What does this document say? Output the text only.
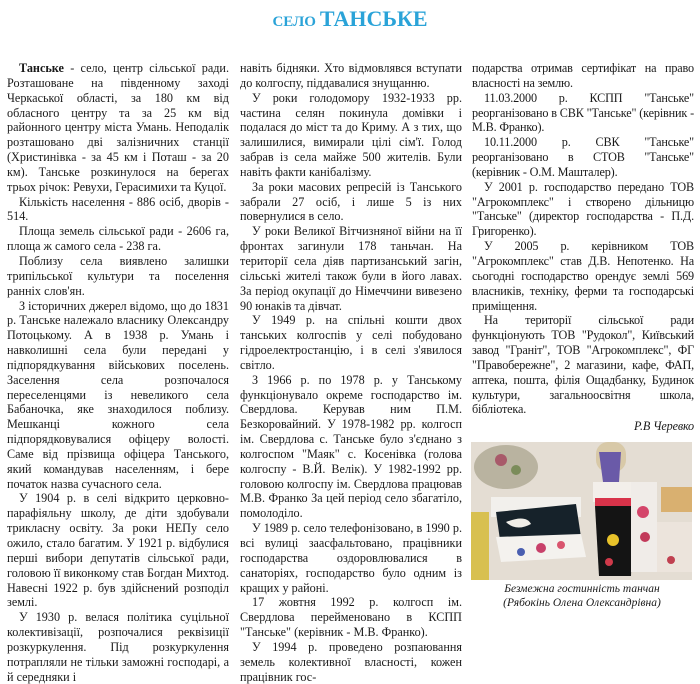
СЕЛО ТАНСЬКЕ

Танське - село, центр сільської ради. Розташоване на південному заході Черкаської області, за 180 км від обласного центру та за 25 км від районного центру міста Умань. Неподалік розташовано дві залізничних станції (Христинівка - за 45 км і Поташ - за 20 км). Танське розкинулося на берегах трьох річок: Ревухи, Герасимихи та Куцої.

Кількість населення - 886 осіб, дворів - 514.

Площа земель сільської ради - 2606 га, площа ж самого села - 238 га.

Поблизу села виявлено залишки трипільської культури та поселення ранніх слов'ян.

З історичних джерел відомо, що до 1831 р. Танське належало власнику Олександру Потоцькому. А в 1938 р. Умань і навколишні села були передані у підпорядкування військових поселень. Заселення села розпочалося переселенцями із невеликого села Бабаночка, яке знаходилося поблизу. Мешканці кожного села підпорядковувалися офіцеру волості. Саме від прізвища офіцера Танського, який командував населенням, і бере початок назва сучасного села.

У 1904 р. в селі відкрито церковно-парафіяльну школу, де діти здобували трикласну освіту. За роки НЕПу село ожило, стало багатим. У 1921 р. відбулися перші вибори депутатів сільської ради, головою її виконкому став Богдан Михтод. Навесні 1922 р. був здійснений розподіл землі.

У 1930 р. велася політика суцільної колективізації, розпочалися реквізиції розкуркулення. Під розкуркулення потрапляли не тільки заможні господарі, а й середняки і

навіть бідняки. Хто відмовлявся вступати до колгоспу, піддавалися знущанню.

У роки голодомору 1932-1933 рр. частина селян покинула домівки і подалася до міст та до Криму. А з тих, що залишилися, вимирали цілі сім'ї. Голод забрав із села майже 500 жителів. Були навіть факти канібалізму.

За роки масових репресій із Танського забрали 27 осіб, і лише 5 із них повернулися в село.

У роки Великої Вітчизняної війни на її фронтах загинули 178 таньчан. На території села діяв партизанський загін, сільські жителі також були в його лавах. За період окупації до Німеччини вивезено 90 юнаків та дівчат.

У 1949 р. на спільні кошти двох танських колгоспів у селі побудовано гідроелектростанцію, і в селі з'явилося світло.

З 1966 р. по 1978 р. у Танському функціонувало окреме господарство ім. Свердлова. Керував ним П.М. Безкоровайний. У 1978-1982 рр. колгосп ім. Свердлова с. Танське було з'єднано з колгоспом "Маяк" с. Косенівка (голова колгоспу - В.Й. Велік). У 1982-1992 рр. головою колгоспу ім. Свердлова працював М.В. Франко За цей період село збагатіло, помолоділо.

У 1989 р. село телефонізовано, в 1990 р. всі вулиці заасфальтовано, працівники господарства оздоровлювалися в санаторіях, господарство було одним із кращих у районі.

17 жовтня 1992 р. колгосп ім. Свердлова перейменовано в КСПП "Танське" (керівник - М.В. Франко).

У 1994 р. проведено розпаювання земель колективної власності, кожен працівник гос-

подарства отримав сертифікат на право власності на землю.

11.03.2000 р. КСПП "Танське" реорганізовано в СВК "Танське" (керівник - М.В. Франко).

10.11.2000 р. СВК "Танське" реорганізовано в СТОВ "Танське" (керівник - О.М. Машталер).

У 2001 р. господарство передано ТОВ "Агрокомплекс" і створено дільницю "Танське" (директор господарства - П.Д. Григоренко).

У 2005 р. керівником ТОВ "Агрокомплекс" став Д.В. Непотенко. На сьогодні господарство орендує землі 569 власників, техніку, ферми та господарські приміщення.

На території сільської ради функціонують ТОВ "Рудокол", Київський завод "Граніт", ТОВ "Агрокомплекс", ФГ "Правобережне", 2 магазини, кафе, ФАП, аптека, пошта, філія Ощадбанку, Будинок культури, загальноосвітня школа, бібліотека.

Р.В Черевко
Безмежна гостинність танчан
(Рябокінь Олена Олександрівна)
